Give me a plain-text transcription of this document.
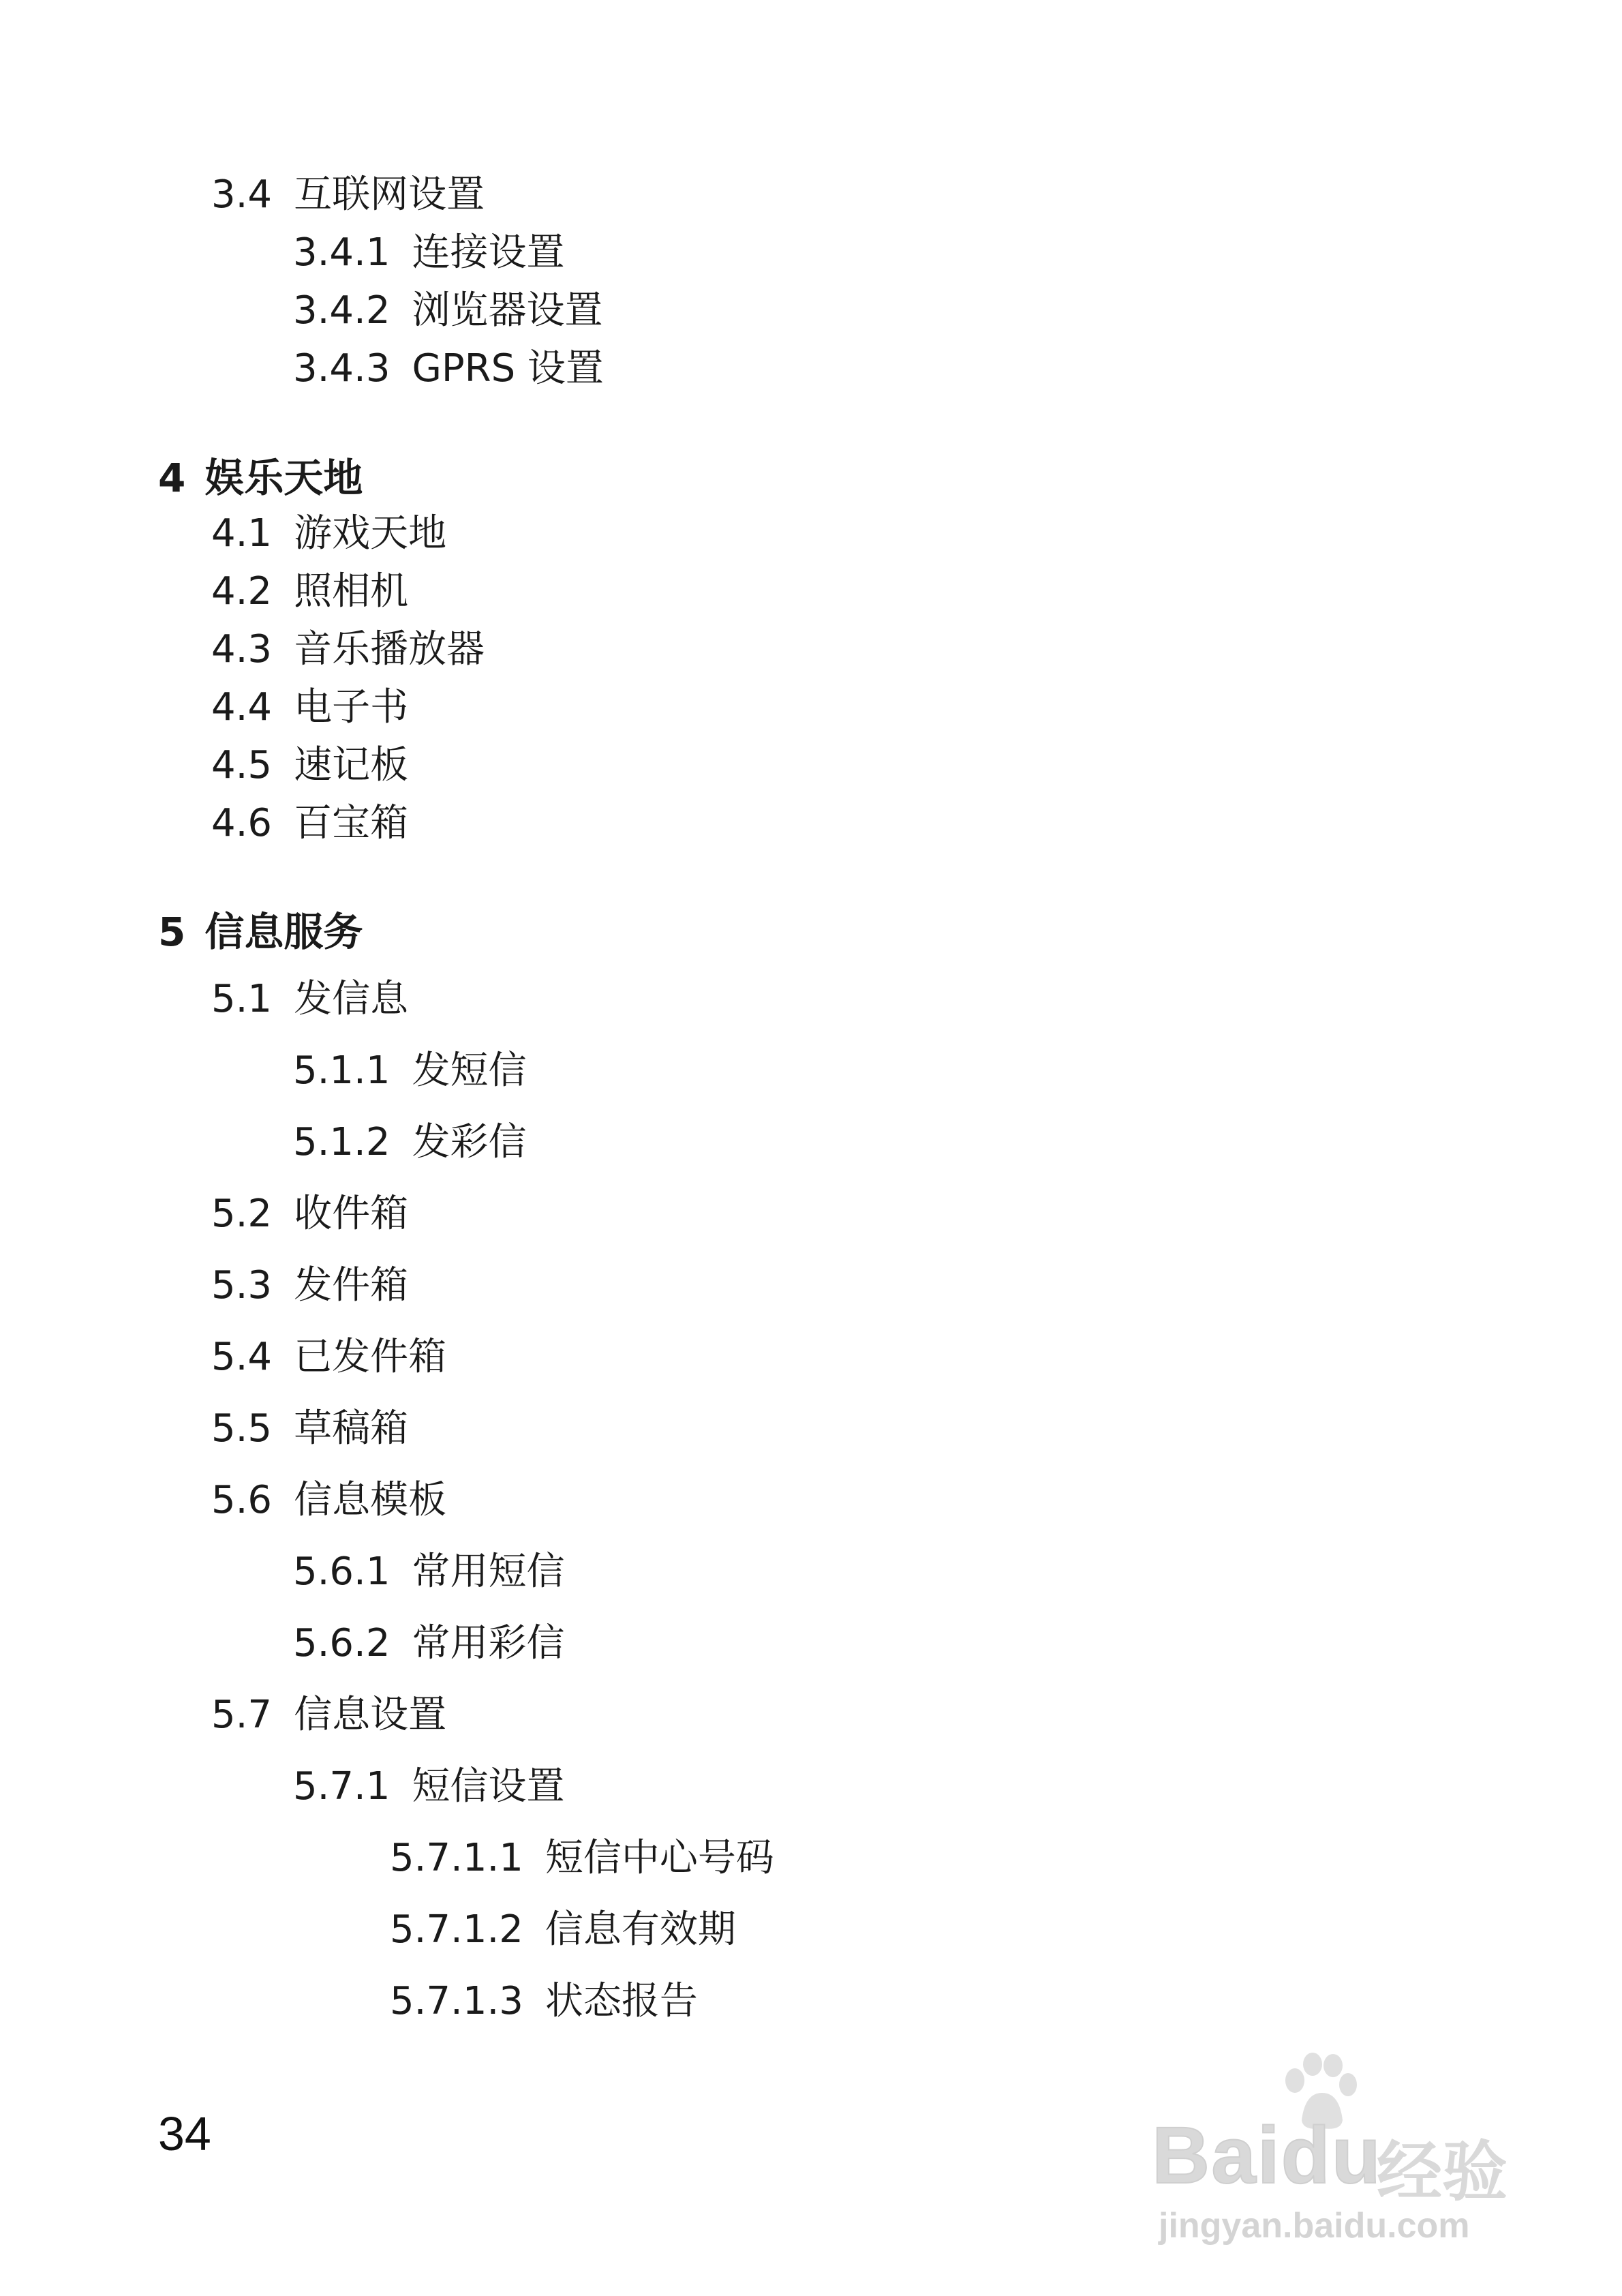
3.4 互联网设置
3.4.1 连接设置
3.4.2 浏览器设置
3.4.3 GPRS 设置
4 娱乐天地
4.1 游戏天地
4.2 照相机
4.3 音乐播放器
4.4 电子书
4.5 速记板
4.6 百宝箱
5 信息服务
5.1 发信息
5.1.1 发短信
5.1.2 发彩信
5.2 收件箱
5.3 发件箱
5.4 已发件箱
5.5 草稿箱
5.6 信息模板
5.6.1 常用短信
5.6.2 常用彩信
5.7 信息设置
5.7.1 短信设置
5.7.1.1 短信中心号码
5.7.1.2 信息有效期
5.7.1.3 状态报告
34	Baidu
经验
jingyan.baidu.com
